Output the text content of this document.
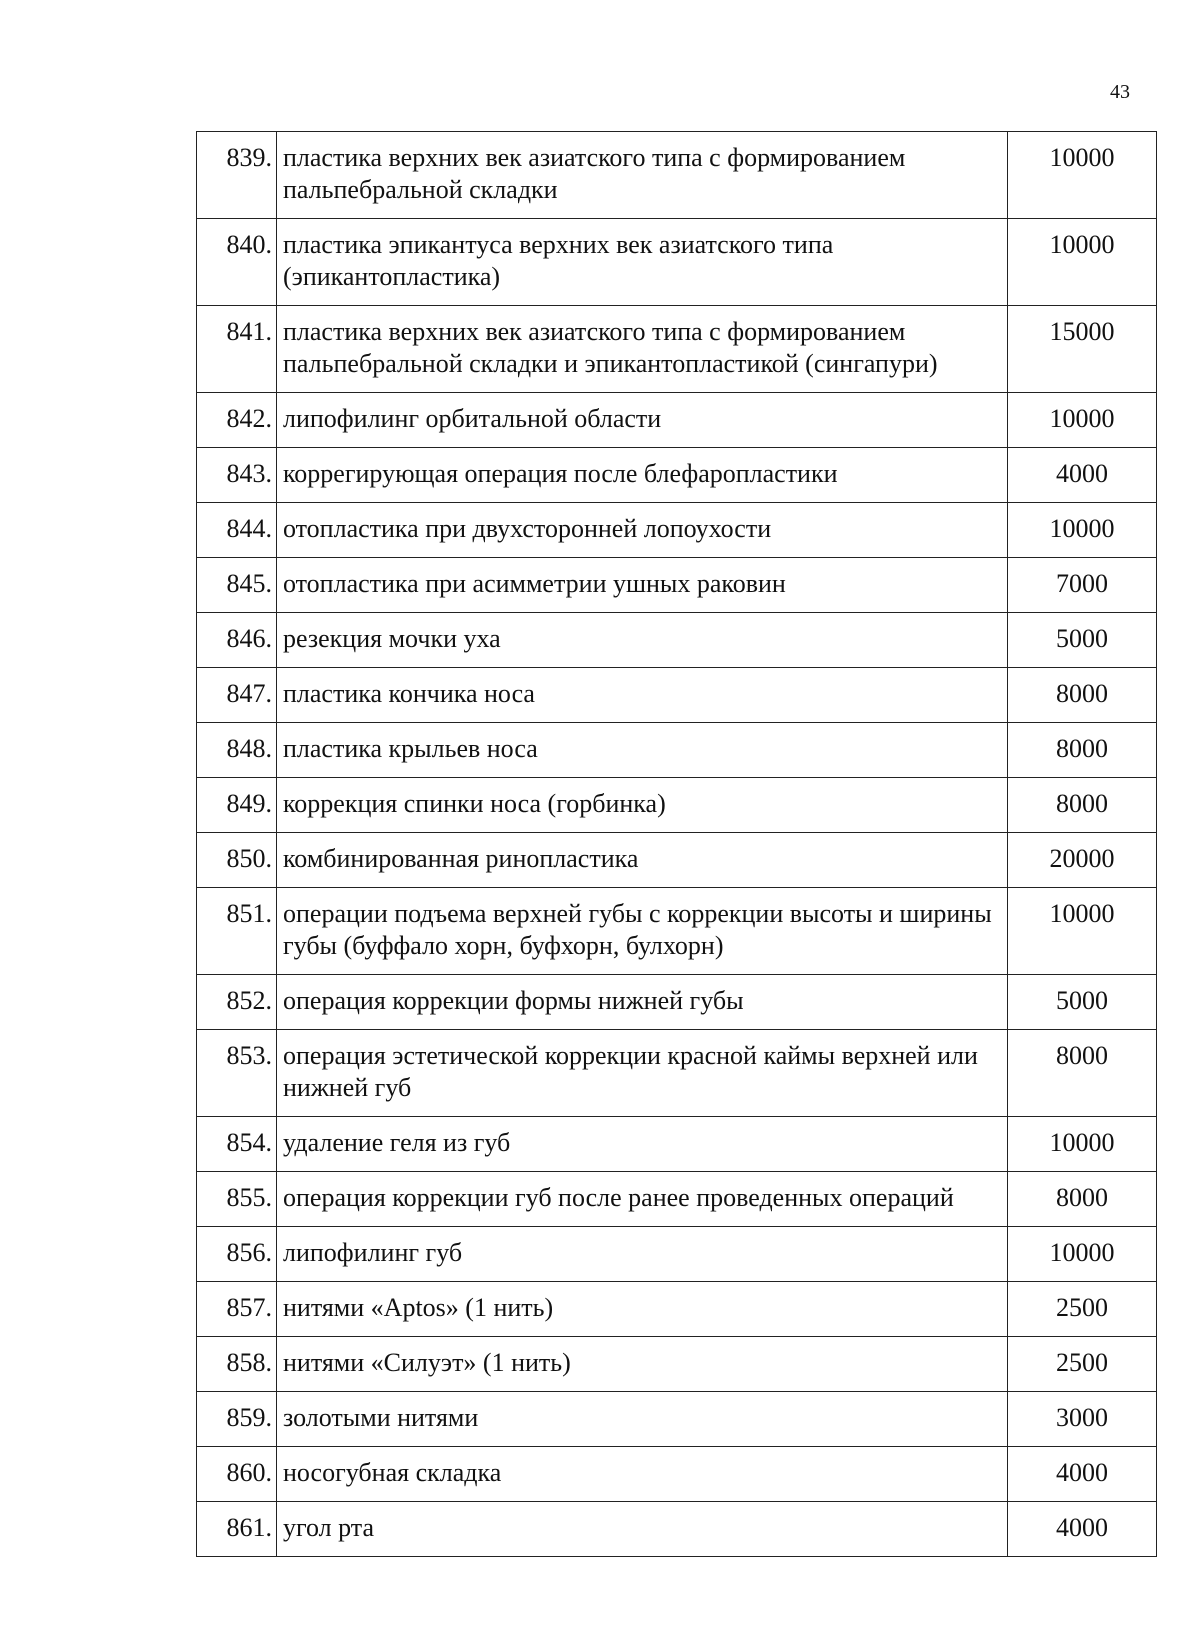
43
839.	пластика верхних век азиатского типа с формированием пальпебральной складки	10000
840.	пластика эпикантуса верхних век азиатского типа (эпикантопластика)	10000
841.	пластика верхних век азиатского типа с формированием пальпебральной складки и эпикантопластикой (сингапури)	15000
842.	липофилинг орбитальной области	10000
843.	коррегирующая операция после блефаропластики	4000
844.	отопластика при двухсторонней лопоухости	10000
845.	отопластика при асимметрии ушных раковин	7000
846.	резекция мочки уха	5000
847.	пластика кончика носа	8000
848.	пластика крыльев носа	8000
849.	коррекция спинки носа (горбинка)	8000
850.	комбинированная ринопластика	20000
851.	операции подъема верхней губы с коррекции высоты и ширины губы (буффало хорн, буфхорн, булхорн)	10000
852.	операция коррекции формы нижней губы	5000
853.	операция эстетической коррекции красной каймы верхней или нижней губ	8000
854.	удаление геля из губ	10000
855.	операция коррекции губ после ранее проведенных операций	8000
856.	липофилинг губ	10000
857.	нитями «Aptos» (1 нить)	2500
858.	нитями «Силуэт» (1 нить)	2500
859.	золотыми нитями	3000
860.	носогубная складка	4000
861.	угол рта	4000
